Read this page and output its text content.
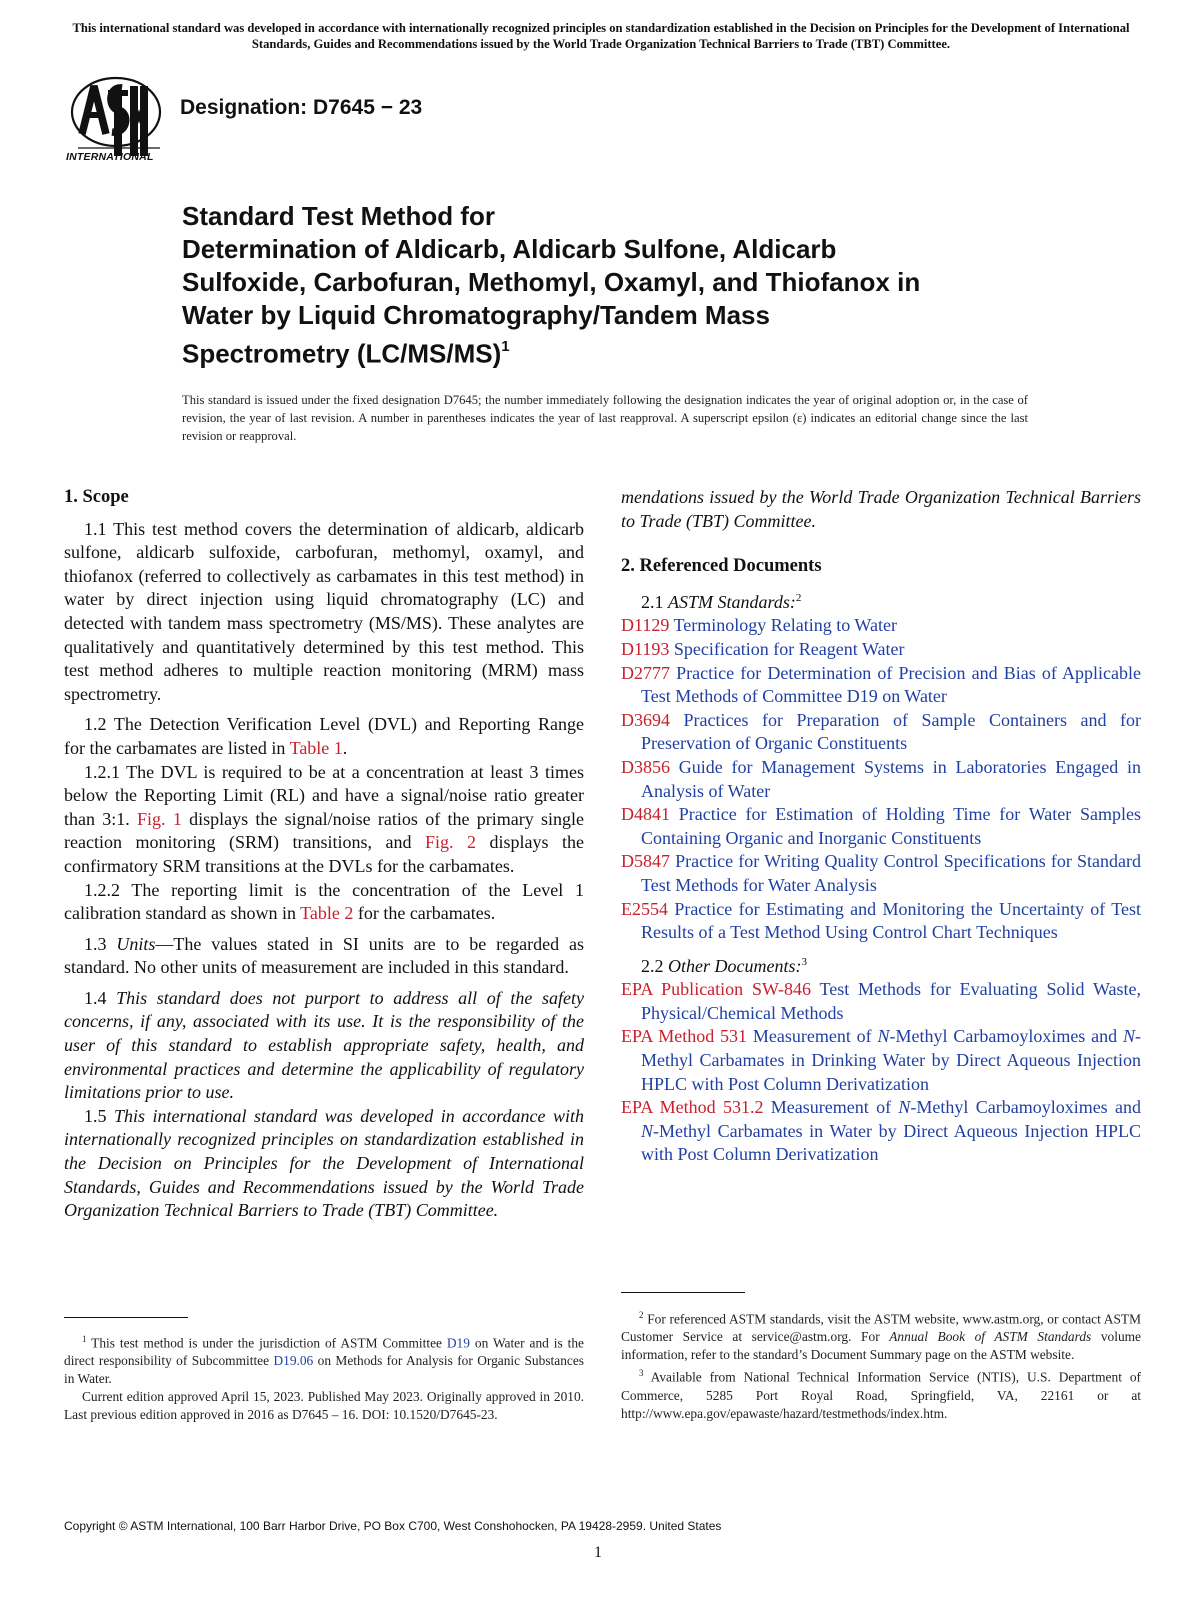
This international standard was developed in accordance with internationally recognized principles on standardization established in the Decision on Principles for the Development of International Standards, Guides and Recommendations issued by the World Trade Organization Technical Barriers to Trade (TBT) Committee.
INTERNATIONAL
Designation: D7645 − 23
Standard Test Method for
Determination of Aldicarb, Aldicarb Sulfone, Aldicarb
Sulfoxide, Carbofuran, Methomyl, Oxamyl, and Thiofanox in
Water by Liquid Chromatography/Tandem Mass
Spectrometry $(LC/MS/MS)^1$

This standard is issued under the fixed designation D7645; the number immediately following the designation indicates the year of original adoption or, in the case of revision, the year of last revision. A number in parentheses indicates the year of last reapproval. A superscript epsilon (ε) indicates an editorial change since the last revision or reapproval.

1. Scope

1.1 This test method covers the determination of aldicarb, aldicarb sulfone, aldicarb sulfoxide, carbofuran, methomyl, oxamyl, and thiofanox (referred to collectively as carbamates in this test method) in water by direct injection using liquid chromatography (LC) and detected with tandem mass spectrometry (MS/MS). These analytes are qualitatively and quantitatively determined by this test method. This test method adheres to multiple reaction monitoring (MRM) mass spectrometry.

1.2 The Detection Verification Level (DVL) and Reporting Range for the carbamates are listed in Table 1.

1.2.1 The DVL is required to be at a concentration at least 3 times below the Reporting Limit (RL) and have a signal/noise ratio greater than 3:1. Fig. 1 displays the signal/noise ratios of the primary single reaction monitoring (SRM) transitions, and Fig. 2 displays the confirmatory SRM transitions at the DVLs for the carbamates.

1.2.2 The reporting limit is the concentration of the Level 1 calibration standard as shown in Table 2 for the carbamates.

1.3 Units—The values stated in SI units are to be regarded as standard. No other units of measurement are included in this standard.

1.4 This standard does not purport to address all of the safety concerns, if any, associated with its use. It is the responsibility of the user of this standard to establish appropriate safety, health, and environmental practices and determine the applicability of regulatory limitations prior to use.

1.5 This international standard was developed in accordance with internationally recognized principles on standardization established in the Decision on Principles for the Development of International Standards, Guides and Recommendations issued by the World Trade Organization Technical Barriers to Trade (TBT) Committee.

mendations issued by the World Trade Organization Technical Barriers to Trade (TBT) Committee.

2. Referenced Documents

2.1 ASTM Standards:$^2$

D1129 Terminology Relating to Water

D1193 Specification for Reagent Water

D2777 Practice for Determination of Precision and Bias of Applicable Test Methods of Committee D19 on Water

D3694 Practices for Preparation of Sample Containers and for Preservation of Organic Constituents

D3856 Guide for Management Systems in Laboratories Engaged in Analysis of Water

D4841 Practice for Estimation of Holding Time for Water Samples Containing Organic and Inorganic Constituents

D5847 Practice for Writing Quality Control Specifications for Standard Test Methods for Water Analysis

E2554 Practice for Estimating and Monitoring the Uncertainty of Test Results of a Test Method Using Control Chart Techniques

2.2 Other Documents:$^3$

EPA Publication SW-846 Test Methods for Evaluating Solid Waste, Physical/Chemical Methods

EPA Method 531 Measurement of N-Methyl Carbamoyloximes and N-Methyl Carbamates in Drinking Water by Direct Aqueous Injection HPLC with Post Column Derivatization

EPA Method 531.2 Measurement of N-Methyl Carbamoyloximes and N-Methyl Carbamates in Water by Direct Aqueous Injection HPLC with Post Column Derivatization

$^1$ This test method is under the jurisdiction of ASTM Committee D19 on Water and is the direct responsibility of Subcommittee D19.06 on Methods for Analysis for Organic Substances in Water.

Current edition approved April 15, 2023. Published May 2023. Originally approved in 2010. Last previous edition approved in 2016 as D7645 – 16. DOI: 10.1520/D7645-23.

$^2$ For referenced ASTM standards, visit the ASTM website, www.astm.org, or contact ASTM Customer Service at service@astm.org. For Annual Book of ASTM Standards volume information, refer to the standard’s Document Summary page on the ASTM website.

$^3$ Available from National Technical Information Service (NTIS), U.S. Department of Commerce, 5285 Port Royal Road, Springfield, VA, 22161 or at http://www.epa.gov/epawaste/hazard/testmethods/index.htm.

Copyright © ASTM International, 100 Barr Harbor Drive, PO Box C700, West Conshohocken, PA 19428-2959. United States
1
